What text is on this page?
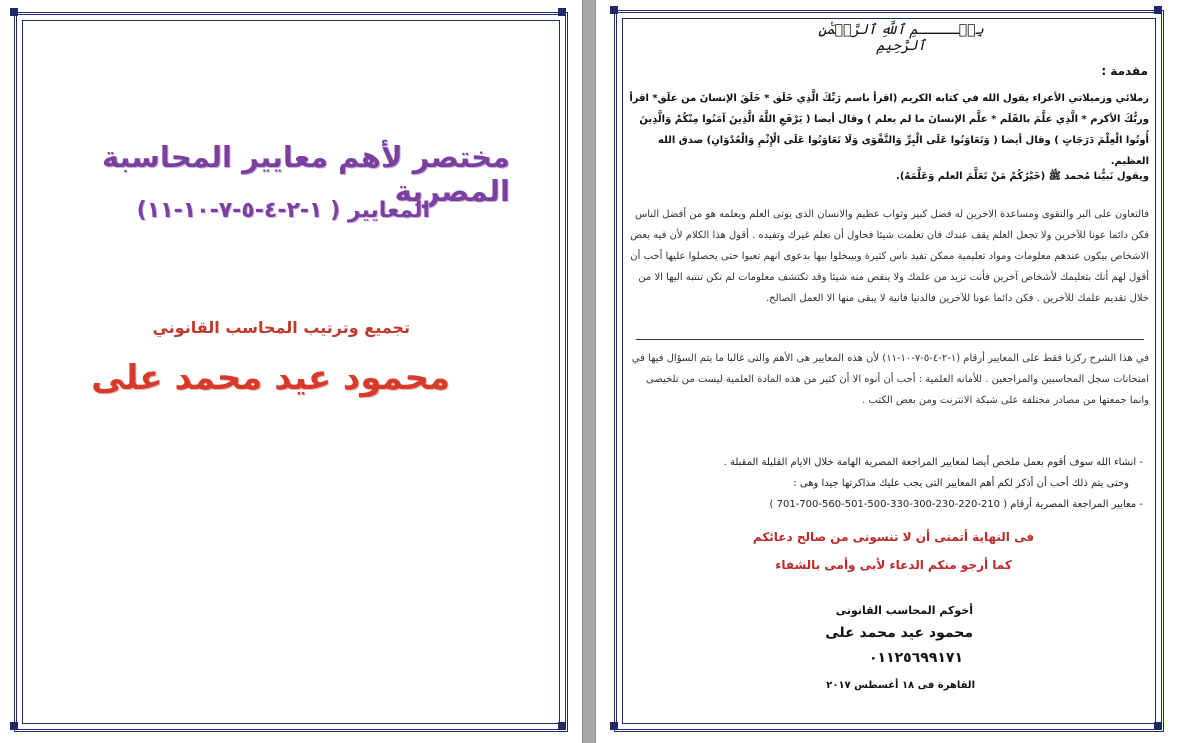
مختصر لأهم معايير المحاسبة المصرية
المعايير ( ١-٢-٤-٥-٧-١٠-١١)
تجميع وترتيب المحاسب القانوني
محمود عيد محمد على
بِسۡـــــمِ ٱللَّهِ ٱلرَّحۡمَٰنِ ٱلرَّحِيمِ
مقدمة :
زملائي وزميلاتي الأعزاء يقول الله في كتابه الكريم (اقرأ باسم رَبِّكَ الَّذِي خَلَق * خَلَقَ الإنسانَ من علَق* اقرأ وربُّكَ الأكرم * الَّذِي علَّمَ بالقَلَم * علَّم الإنسانَ ما لم يعلم ) وقال أيضا ( يَرْفَعِ اللَّهُ الَّذِينَ آمَنُوا مِنْكُمْ وَالَّذِينَ أُوتُوا الْعِلْمَ دَرَجَاتٍ ) وقال أيضا ( وَتَعَاوَنُوا عَلَى الْبِرِّ وَالتَّقْوَى وَلَا تَعَاوَنُوا عَلَى الْإِثْمِ وَالْعُدْوَانِ) صدق الله العظيم.
ويقول نَبيُّنا مُحمد ﷺ (خَيْرُكُمْ مَنْ تَعَلَّمَ العلم وَعَلَّمَهُ).
فالتعاون على البر والتقوى ومساعدة الاخرين له فضل كبير وثواب عظيم والانسان الذى يوتى العلم ويعلمه هو من أفضل الناس فكن دائما عونا للآخرين ولا تجعل العلم يقف عندك فان تعلمت شيئا فحاول أن تعلم غيرك وتفيده . أقول هذا الكلام لأن فيه بعض الاشخاص بيكون عندهم معلومات ومواد تعليمية ممكن تفيد ناس كثيرة وبيبخلوا بيها بدعوى انهم تعبوا حتى يحصلوا عليها أحب أن أقول لهم أنك بتعليمك لأشخاص آخرين فأنت تزيد من علمك ولا ينقص منه شيئا وقد تكتشف معلومات لم تكن تنتبه اليها الا من خلال تقديم علمك للآخرين . فكن دائما عونا للآخرين فالدنيا فانية لا يبقى منها الا العمل الصالح.
في هذا الشرح ركزنا فقط على المعايير أرقام (١-٢-٤-٥-٧-١٠-١١) لأن هذه المعايير هى الأهم والتى غالبا ما يتم السؤال فيها في امتحانات سجل المحاسبين والمراجعين . للأمانه العلمية : أحب أن أنوه الا أن كثير من هذه المادة العلمية ليست من تلخيصى وانما جمعتها من مصادر مختلفة على شبكة الانترنت ومن بعض الكتب .
- انشاء الله سوف أقوم بعمل ملخص أيضا لمعايير المراجعة المصرية الهامة خلال الايام القليلة المقبلة .
وحتى يتم ذلك أحب أن أذكر لكم أهم المعايير التى يجب عليك مذاكرتها جيدا وهى :
- معايير المراجعة المصرية أرقام ( 210-220-230-300-330-500-501-560-700-701 )
فى النهاية أتمنى أن لا تنسونى من صالح دعائكم
كما أرجو منكم الدعاء لأبى وأمى بالشفاء
أخوكم المحاسب القانونى
محمود عيد محمد على
٠١١٢٥٦٩٩١٧١
القاهرة فى ١٨ أغسطس ٢٠١٧
